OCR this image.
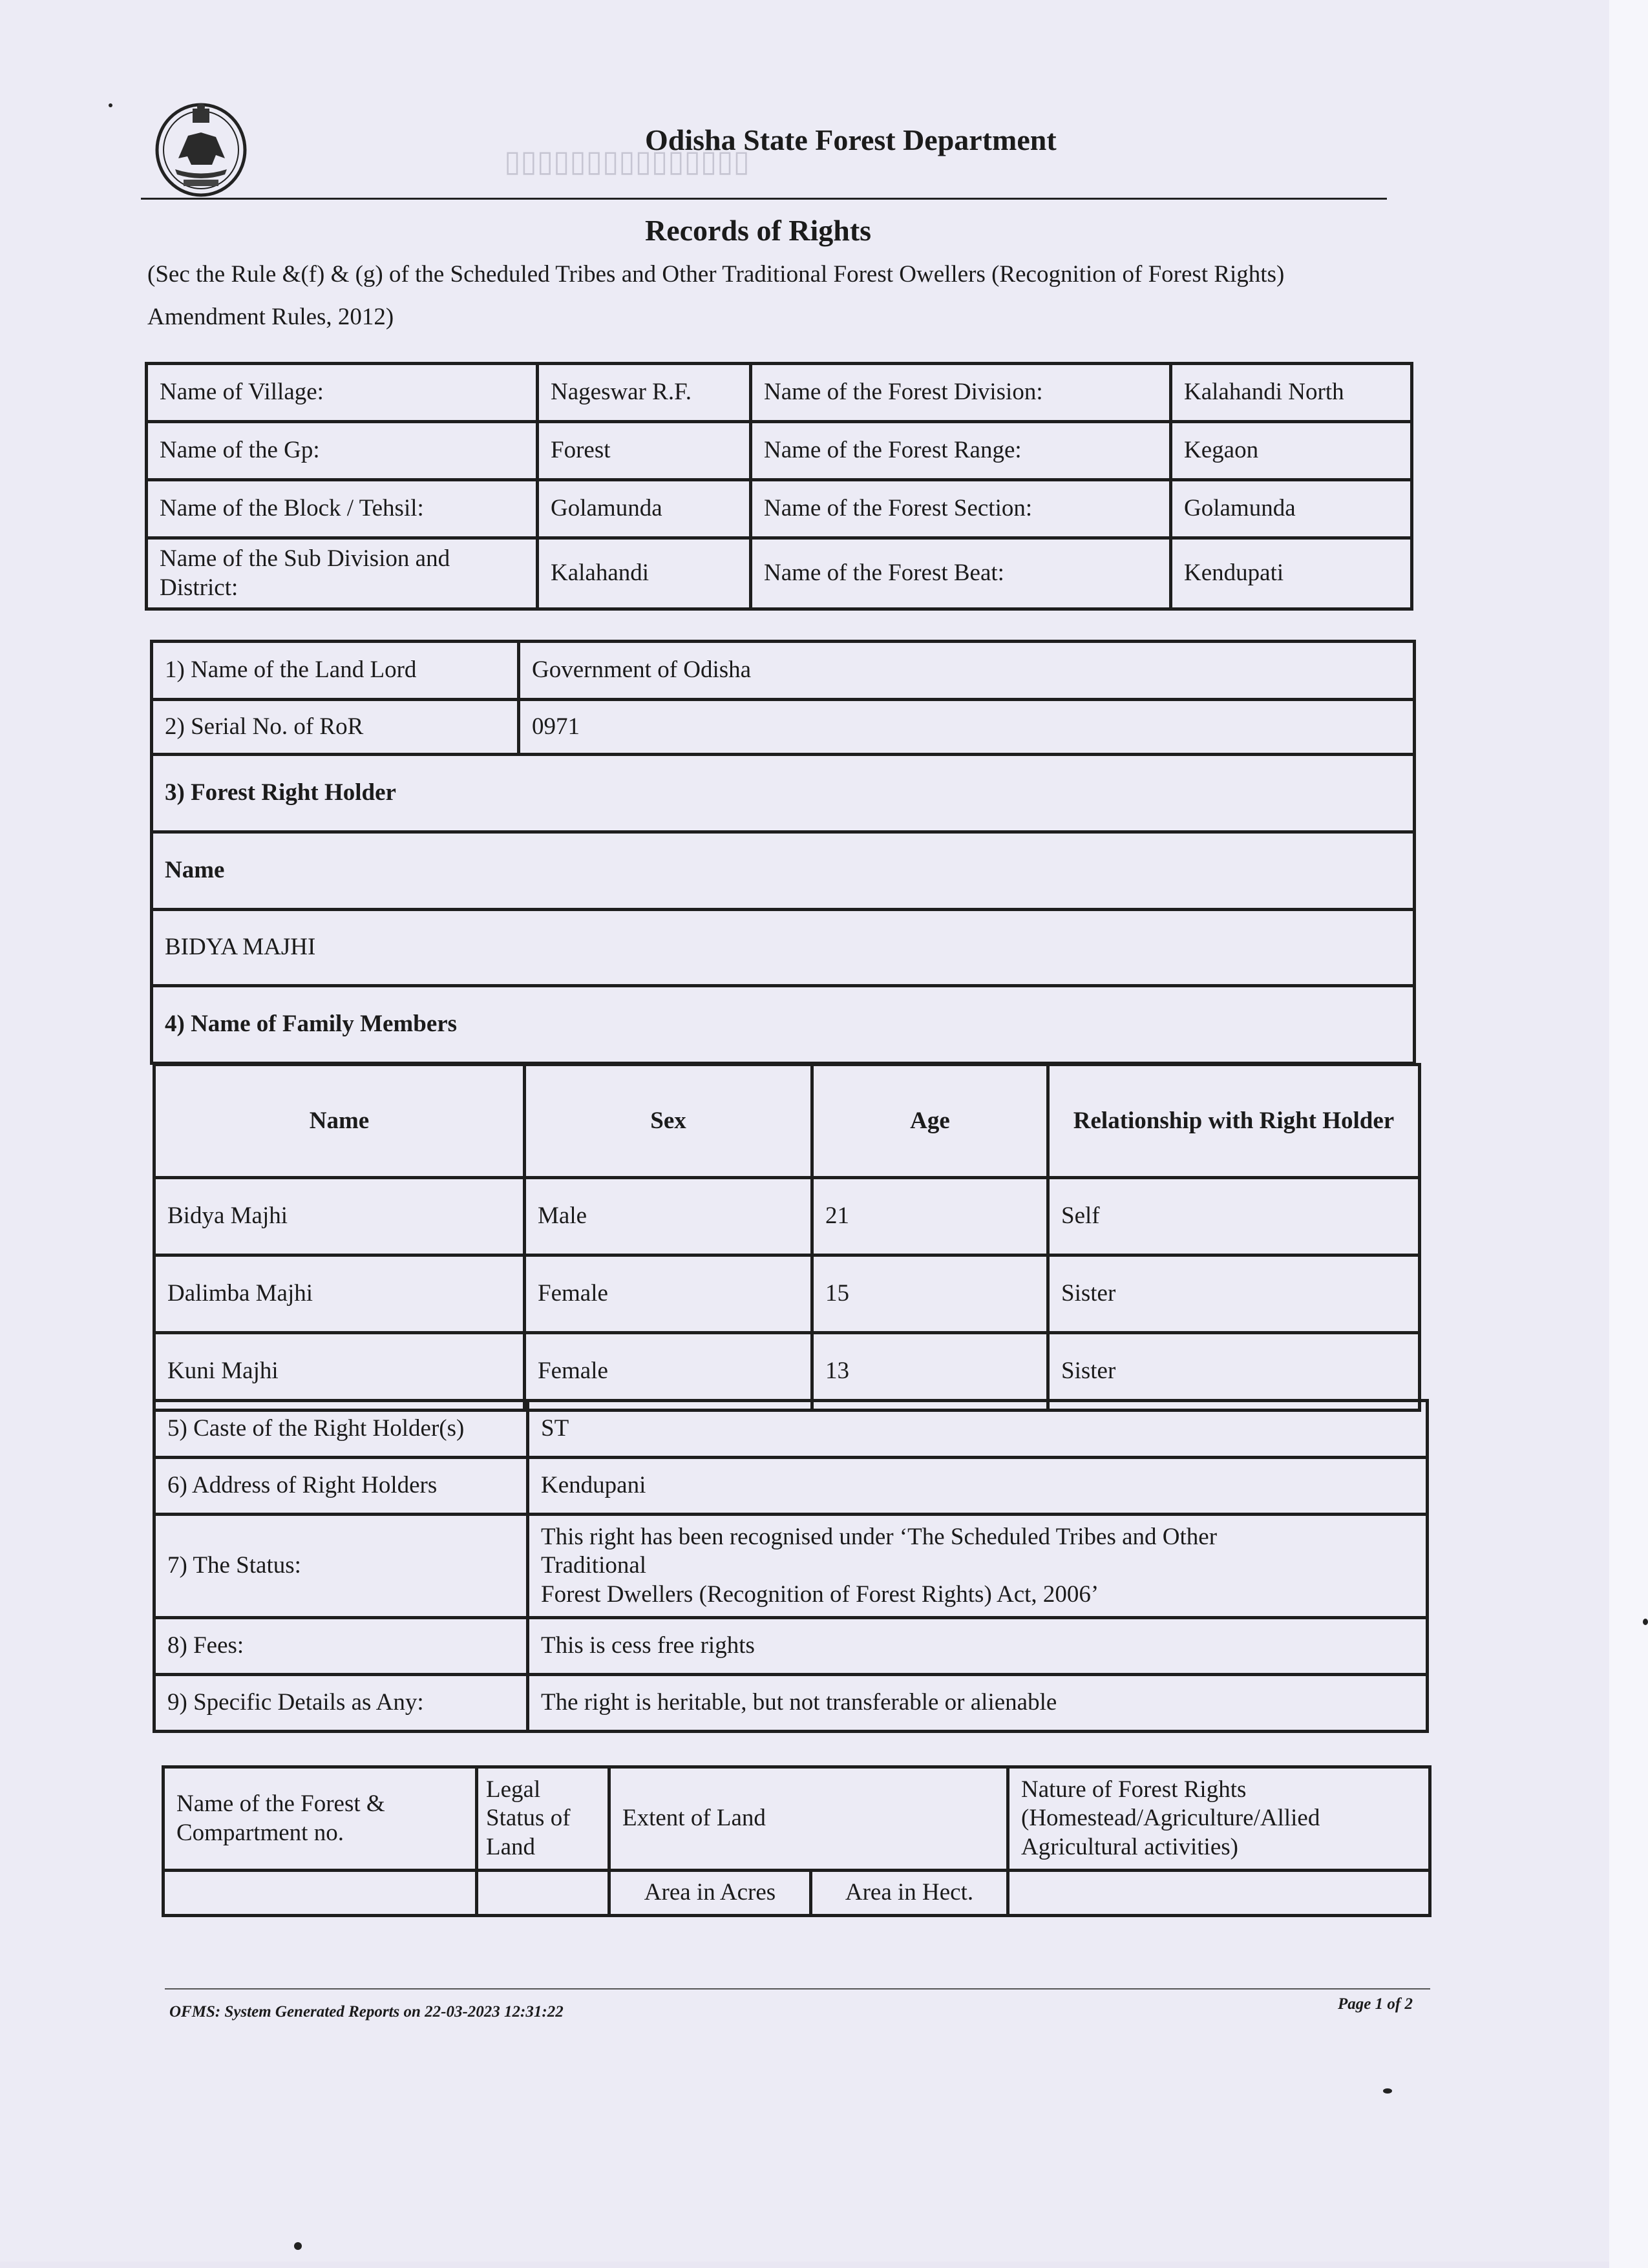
▯▯▯▯▯▯▯▯▯▯▯▯▯▯▯
Odisha State Forest Department
Records of Rights
(Sec the Rule &(f) & (g) of the Scheduled Tribes and Other Traditional Forest Owellers (Recognition of Forest Rights) Amendment Rules, 2012)
Name of Village:	Nageswar R.F.	Name of the Forest Division:	Kalahandi North
Name of the Gp:	Forest	Name of the Forest Range:	Kegaon
Name of the Block / Tehsil:	Golamunda	Name of the Forest Section:	Golamunda
Name of the Sub Division and District:	Kalahandi	Name of the Forest Beat:	Kendupati
1) Name of the Land Lord	Government of Odisha
2) Serial No. of RoR	0971
3) Forest Right Holder	
Name	
BIDYA MAJHI	
4) Name of Family Members	
Name	Sex	Age	Relationship with Right Holder
Bidya Majhi	Male	21	Self
Dalimba Majhi	Female	15	Sister
Kuni Majhi	Female	13	Sister
5) Caste of the Right Holder(s)	ST
6) Address of Right Holders	Kendupani
7) The Status:	This right has been recognised under ‘The Scheduled Tribes and Other
Traditional
Forest Dwellers (Recognition of Forest Rights) Act, 2006’

8) Fees:	This is cess free rights
9) Specific Details as Any:	The right is heritable, but not transferable or alienable
Name of the Forest & Compartment no.	Legal Status of Land	Extent of Land		Nature of Forest Rights (Homestead/Agriculture/Allied Agricultural activities)
		Area in Acres	Area in Hect.	
OFMS: System Generated Reports on 22-03-2023 12:31:22	Page 1 of 2
